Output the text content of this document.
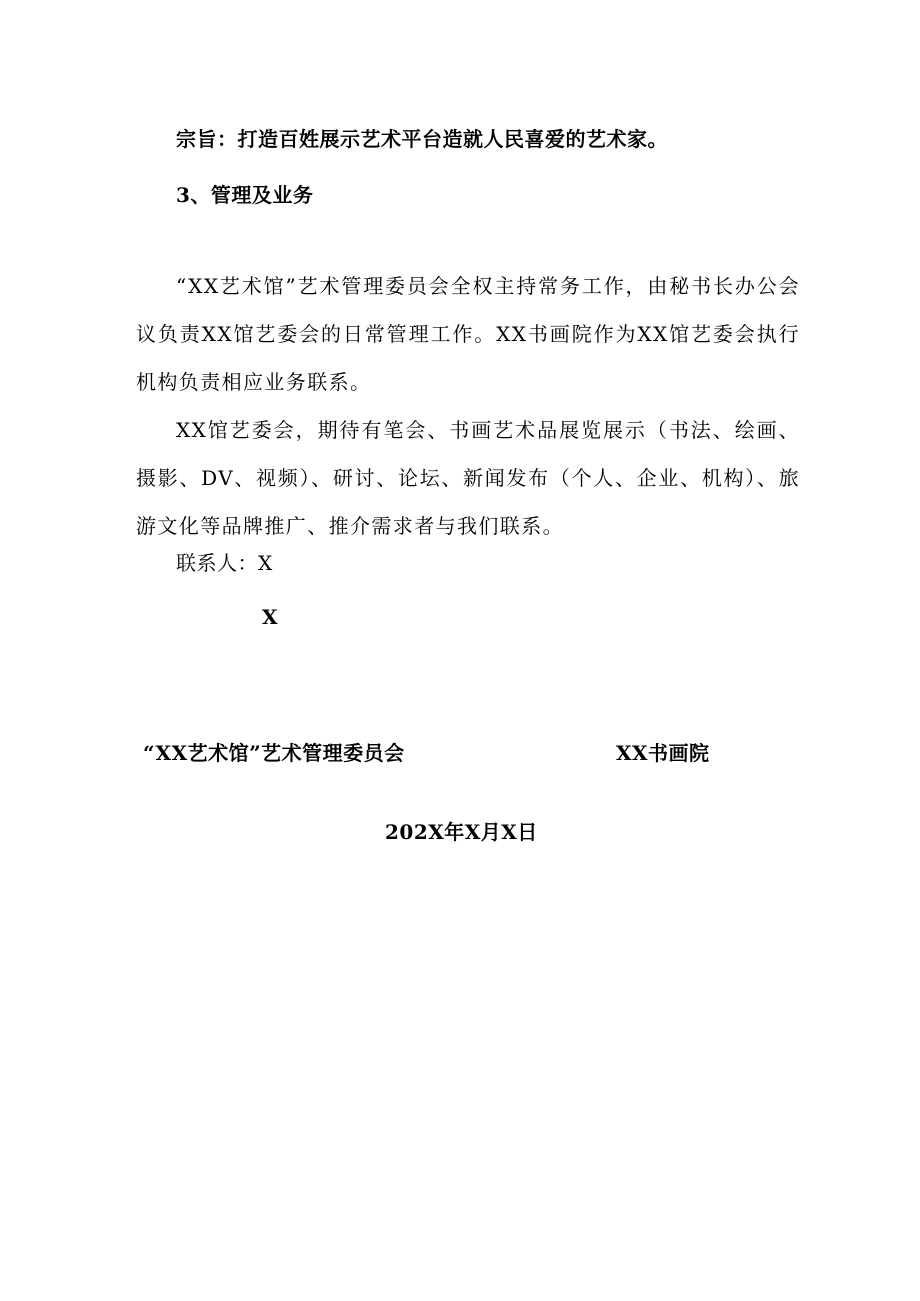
宗旨：打造百姓展示艺术平台造就人民喜爱的艺术家。

3、管理及业务

“XX艺术馆”艺术管理委员会全权主持常务工作，由秘书长办公会议负责XX馆艺委会的日常管理工作。XX书画院作为XX馆艺委会执行机构负责相应业务联系。

XX馆艺委会，期待有笔会、书画艺术品展览展示（书法、绘画、摄影、DV、视频）、研讨、论坛、新闻发布（个人、企业、机构）、旅游文化等品牌推广、推介需求者与我们联系。

联系人：X

X

“XX艺术馆”艺术管理委员会	XX书画院

202X年X月X日
